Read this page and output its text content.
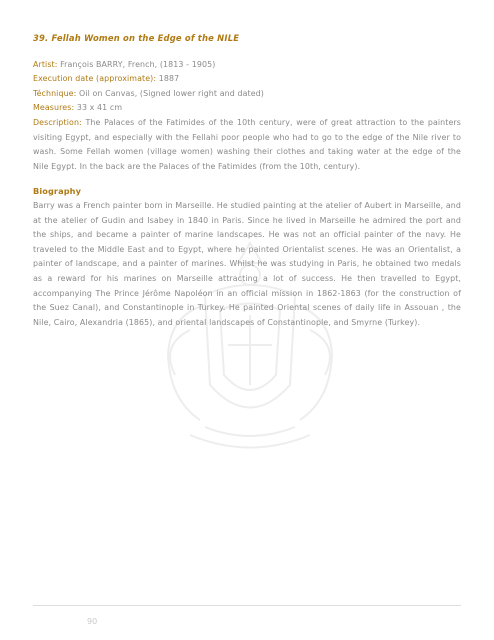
39. Fellah Women on the Edge of the NILE

Artist: François BARRY, French, (1813 - 1905)

Execution date (approximate): 1887

Téchnique: Oil on Canvas, (Signed lower right and dated)

Measures: 33 x 41 cm

Description: The Palaces of the Fatimides of the 10th century, were of great attraction to the painters visiting Egypt, and especially with the Fellahi poor people who had to go to the edge of the Nile river to wash. Some Fellah women (village women) washing their clothes and taking water at the edge of the Nile Egypt. In the back are the Palaces of the Fatimides (from the 10th, century).

Biography

Barry was a French painter born in Marseille. He studied painting at the atelier of Aubert in Marseille, and at the atelier of Gudin and Isabey in 1840 in Paris. Since he lived in Marseille he admired the port and the ships, and became a painter of marine landscapes. He was not an official painter of the navy. He traveled to the Middle East and to Egypt, where he painted Orientalist scenes. He was an Orientalist, a painter of landscape, and a painter of marines. Whilst he was studying in Paris, he obtained two medals as a reward for his marines on Marseille attracting a lot of success. He then travelled to Egypt, accompanying The Prince Jérôme Napoléon in an official mission in 1862-1863 (for the construction of the Suez Canal), and Constantinople in Turkey. He painted Oriental scenes of daily life in Assouan , the Nile, Cairo, Alexandria (1865), and oriental landscapes of Constantinople, and Smyrne (Turkey).

90
